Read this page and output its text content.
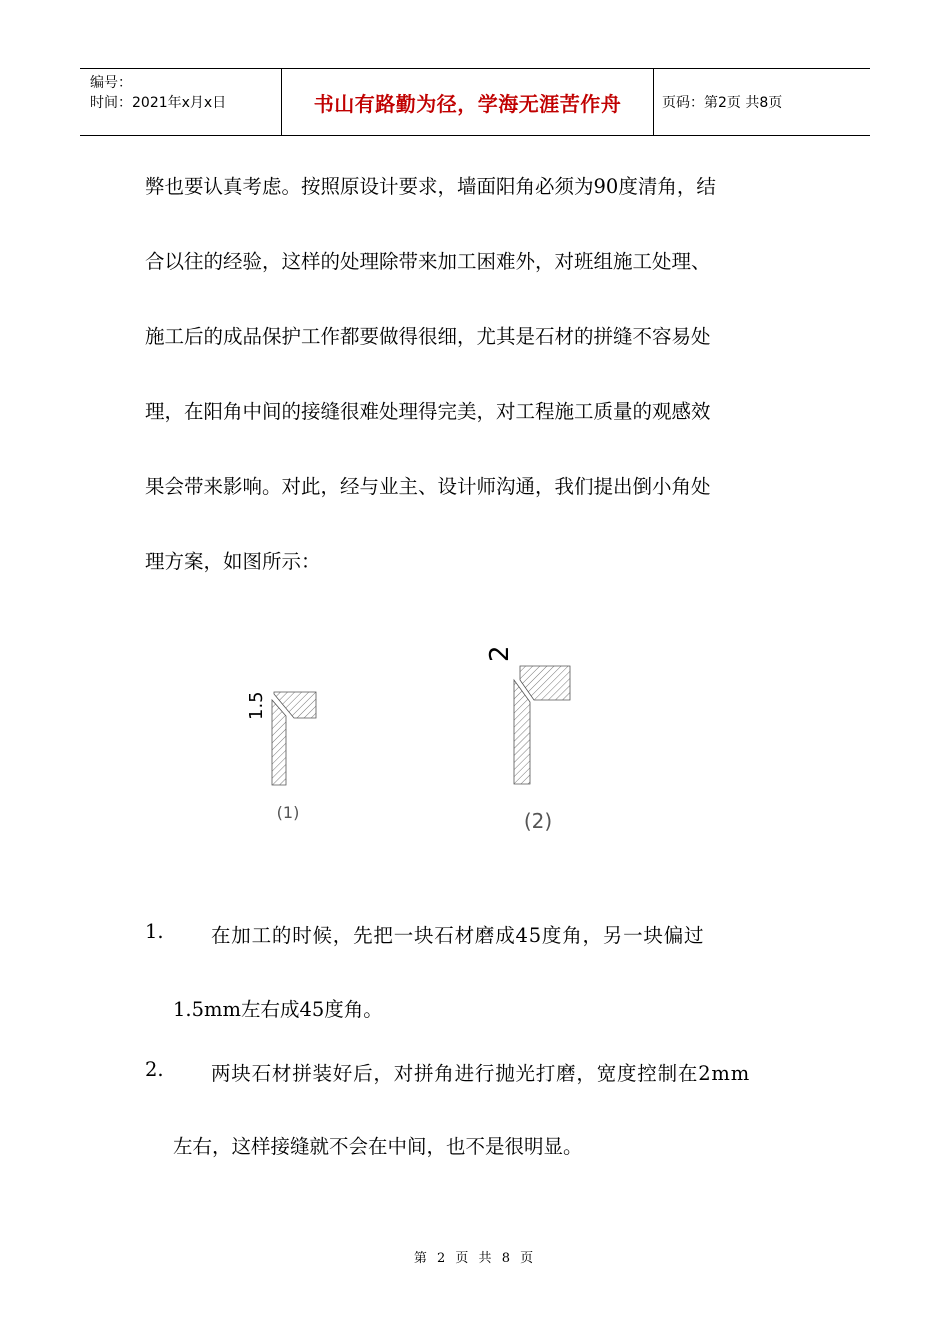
编号：
时间：2021年x月x日	书山有路勤为径，学海无涯苦作舟	页码：第2页 共8页
弊也要认真考虑。按照原设计要求，墙面阳角必须为90度清角，结
合以往的经验，这样的处理除带来加工困难外，对班组施工处理、
施工后的成品保护工作都要做得很细，尤其是石材的拼缝不容易处
理，在阳角中间的接缝很难处理得完美，对工程施工质量的观感效
果会带来影响。对此，经与业主、设计师沟通，我们提出倒小角处
理方案，如图所示：
1.5
(1)
2
(2)
1. 在加工的时候，先把一块石材磨成45度角，另一块偏过
1.5mm左右成45度角。
2. 两块石材拼装好后，对拼角进行抛光打磨，宽度控制在2mm
左右，这样接缝就不会在中间，也不是很明显。
第 2 页 共 8 页
